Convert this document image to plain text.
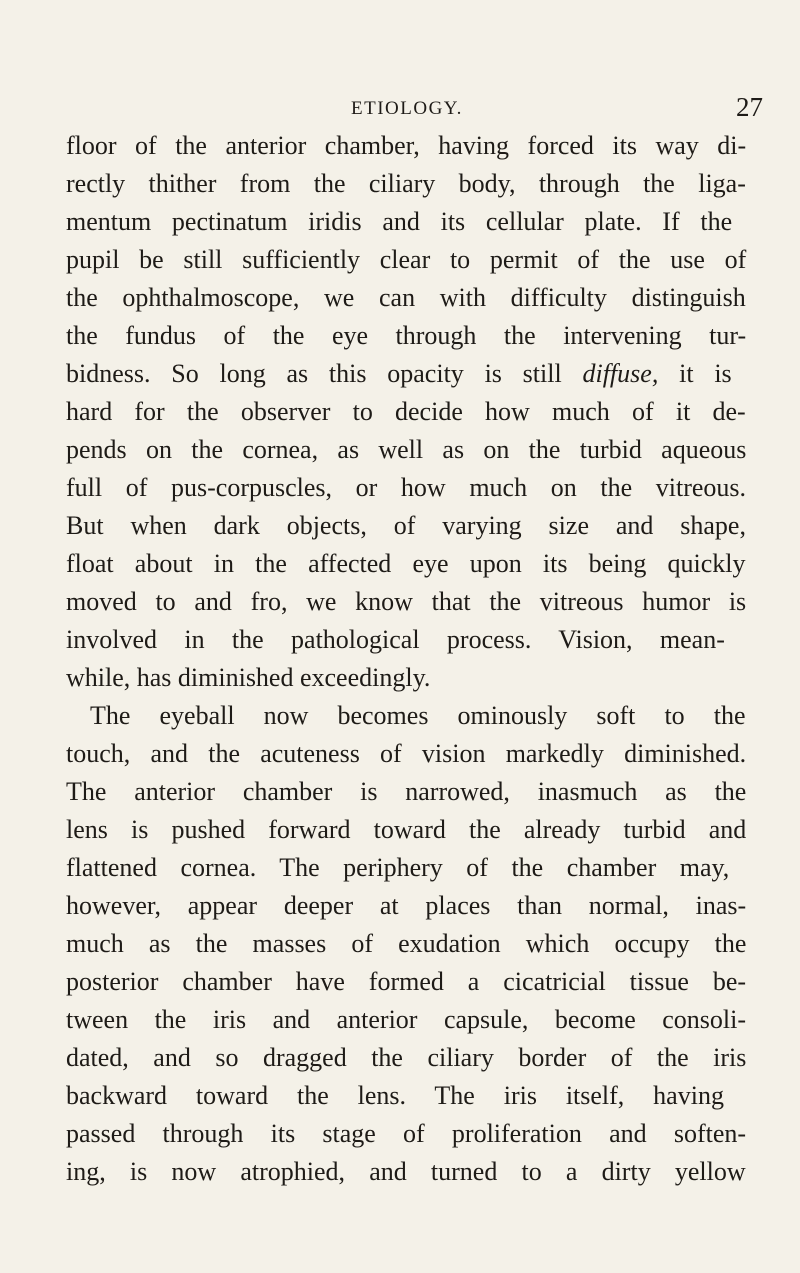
ETIOLOGY.	27
floor of the anterior chamber, having forced its way di-
rectly thither from the ciliary body, through the liga-
mentum pectinatum iridis and its cellular plate. If the
pupil be still sufficiently clear to permit of the use of
the ophthalmoscope, we can with difficulty distinguish
the fundus of the eye through the intervening tur-
bidness. So long as this opacity is still diffuse, it is
hard for the observer to decide how much of it de-
pends on the cornea, as well as on the turbid aqueous
full of pus-corpuscles, or how much on the vitreous.
But when dark objects, of varying size and shape,
float about in the affected eye upon its being quickly
moved to and fro, we know that the vitreous humor is
involved in the pathological process. Vision, mean-
while, has diminished exceedingly.
The eyeball now becomes ominously soft to the
touch, and the acuteness of vision markedly diminished.
The anterior chamber is narrowed, inasmuch as the
lens is pushed forward toward the already turbid and
flattened cornea. The periphery of the chamber may,
however, appear deeper at places than normal, inas-
much as the masses of exudation which occupy the
posterior chamber have formed a cicatricial tissue be-
tween the iris and anterior capsule, become consoli-
dated, and so dragged the ciliary border of the iris
backward toward the lens. The iris itself, having
passed through its stage of proliferation and soften-
ing, is now atrophied, and turned to a dirty yellow
